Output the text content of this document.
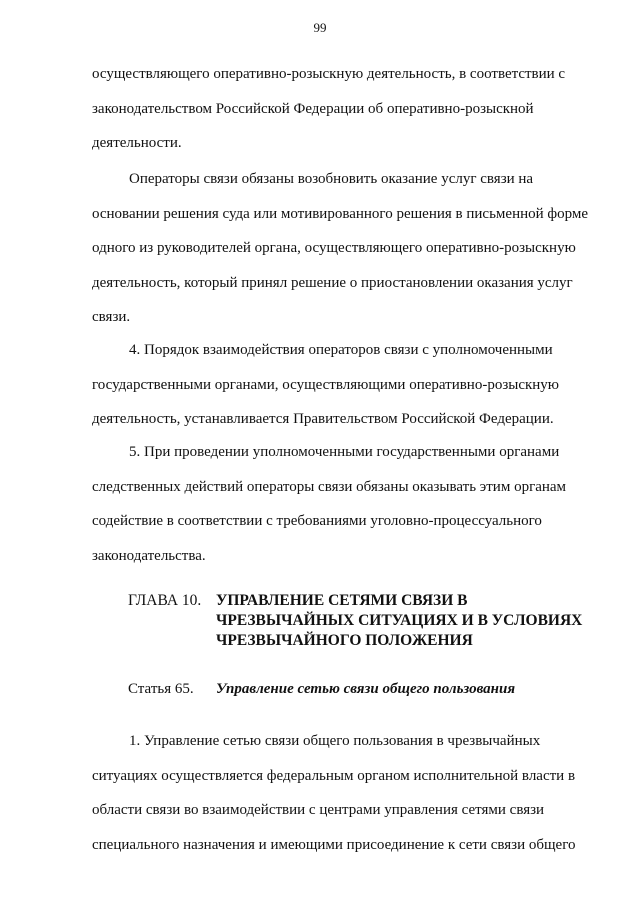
99

осуществляющего оперативно-розыскную деятельность, в соответствии с

законодательством Российской Федерации об оперативно-розыскной

деятельности.

Операторы связи обязаны возобновить оказание услуг связи на

основании решения суда или мотивированного решения в письменной форме

одного из руководителей органа, осуществляющего оперативно-розыскную

деятельность, который принял решение о приостановлении оказания услуг

связи.

4. Порядок взаимодействия операторов связи с уполномоченными

государственными органами, осуществляющими оперативно-розыскную

деятельность, устанавливается Правительством Российской Федерации.

5. При проведении уполномоченными государственными органами

следственных действий операторы связи обязаны оказывать этим органам

содействие в соответствии с требованиями уголовно-процессуального

законодательства.

ГЛАВА 10. УПРАВЛЕНИЕ СЕТЯМИ СВЯЗИ В
ЧРЕЗВЫЧАЙНЫХ СИТУАЦИЯХ И В УСЛОВИЯХ
ЧРЕЗВЫЧАЙНОГО ПОЛОЖЕНИЯ
Статья 65.	Управление сетью связи общего пользования

1. Управление сетью связи общего пользования в чрезвычайных

ситуациях осуществляется федеральным органом исполнительной власти в

области связи во взаимодействии с центрами управления сетями связи

специального назначения и имеющими присоединение к сети связи общего
